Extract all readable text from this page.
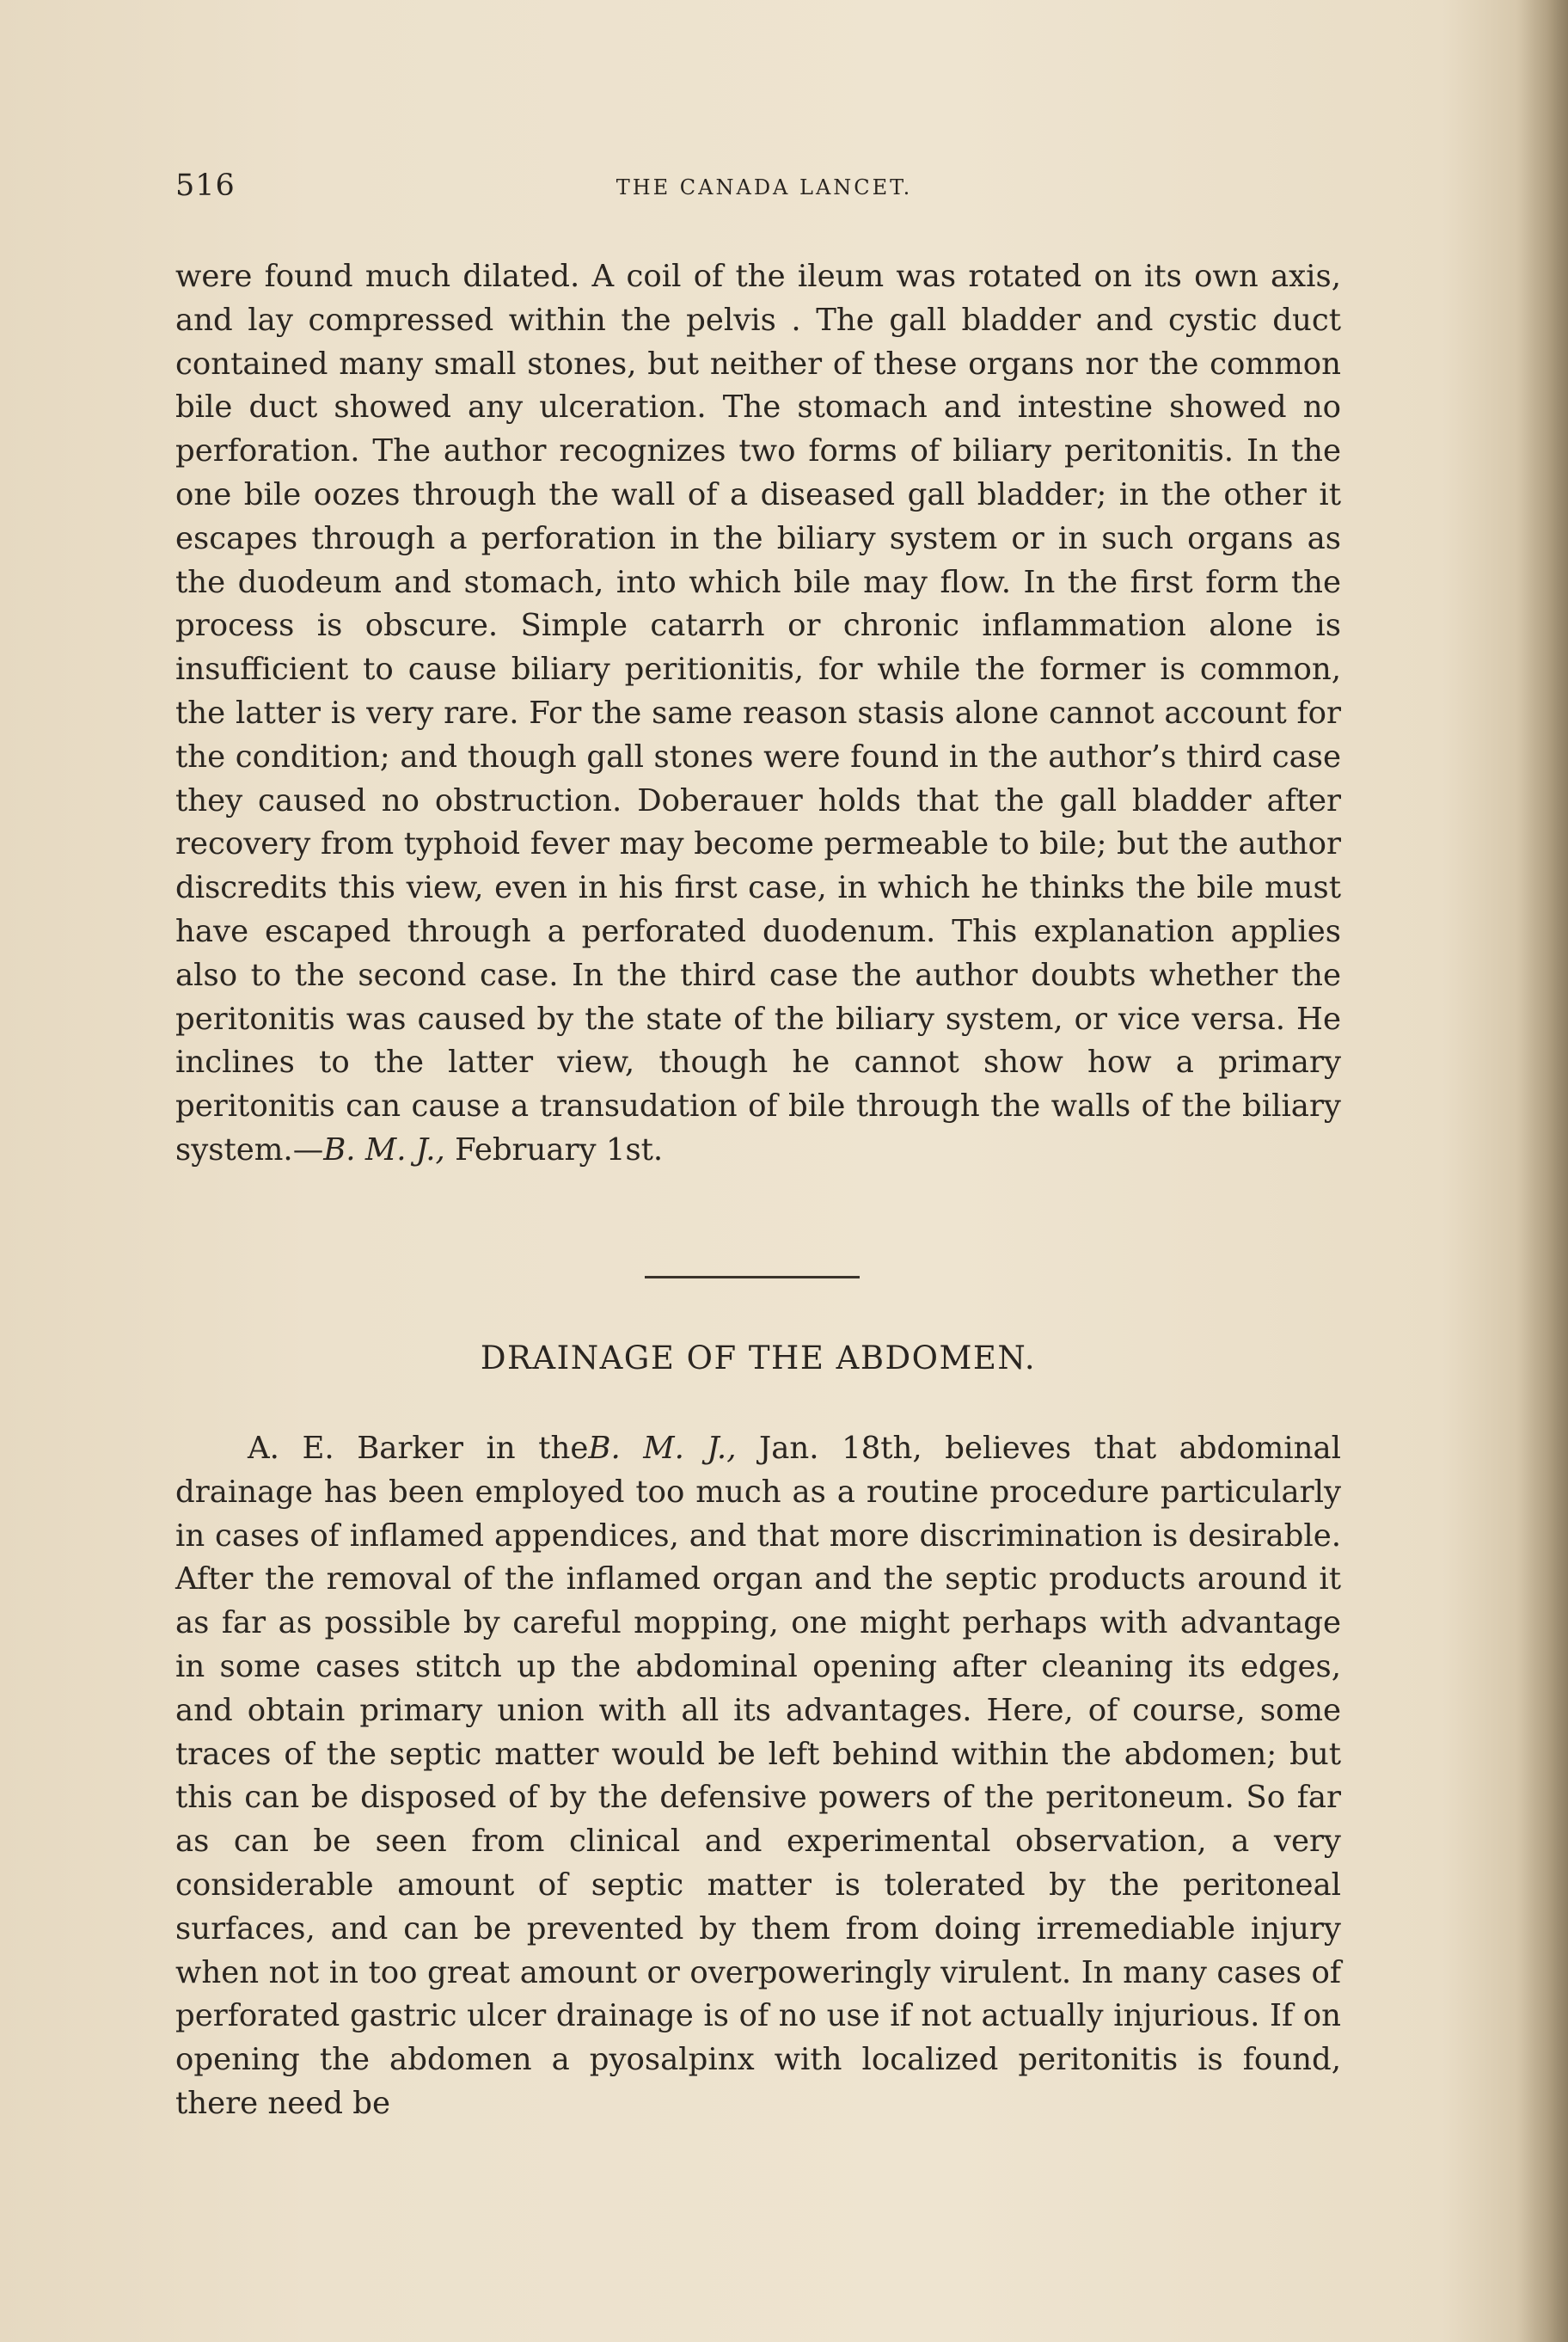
516	THE CANADA LANCET.

were found much dilated. A coil of the ileum was rotated on its own axis, and lay compressed within the pelvis . The gall bladder and cystic duct contained many small stones, but neither of these organs nor the common bile duct showed any ulceration. The stomach and intestine showed no perforation. The author recognizes two forms of biliary peritonitis. In the one bile oozes through the wall of a diseased gall bladder; in the other it escapes through a perforation in the biliary system or in such organs as the duodeum and stomach, into which bile may flow. In the first form the process is obscure. Simple catarrh or chronic inflammation alone is insufficient to cause biliary peritionitis, for while the former is common, the latter is very rare. For the same reason stasis alone cannot account for the condition; and though gall stones were found in the author’s third case they caused no obstruction. Doberauer holds that the gall bladder after recovery from typhoid fever may become permeable to bile; but the author discredits this view, even in his first case, in which he thinks the bile must have escaped through a perforated duodenum. This explanation applies also to the second case. In the third case the author doubts whether the peritonitis was caused by the state of the biliary system, or vice versa. He inclines to the latter view, though he cannot show how a primary peritonitis can cause a transudation of bile through the walls of the biliary system.—B. M. J., February 1st.

DRAINAGE OF THE ABDOMEN.

A. E. Barker in theB. M. J., Jan. 18th, believes that abdominal drainage has been employed too much as a routine procedure particularly in cases of inflamed appendices, and that more discrimination is desirable. After the removal of the inflamed organ and the septic products around it as far as possible by careful mopping, one might perhaps with advantage in some cases stitch up the abdominal opening after cleaning its edges, and obtain primary union with all its advantages. Here, of course, some traces of the septic matter would be left behind within the abdomen; but this can be disposed of by the defensive powers of the peritoneum. So far as can be seen from clinical and experimental observation, a very considerable amount of septic matter is tolerated by the peritoneal surfaces, and can be prevented by them from doing irremediable injury when not in too great amount or overpoweringly virulent. In many cases of perforated gastric ulcer drainage is of no use if not actually injurious. If on opening the abdomen a pyosalpinx with localized peritonitis is found, there need be
